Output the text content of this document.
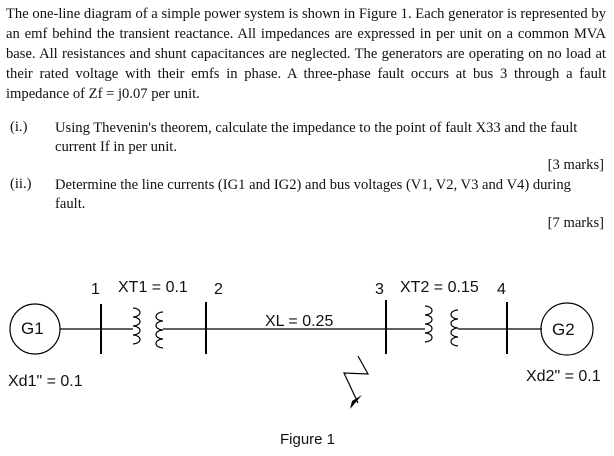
The one-line diagram of a simple power system is shown in Figure 1. Each generator is represented by an emf behind the transient reactance. All impedances are expressed in per unit on a common MVA base. All resistances and shunt capacitances are neglected. The generators are operating on no load at their rated voltage with their emfs in phase. A three-phase fault occurs at bus 3 through a fault impedance of Zf = j0.07 per unit.
(i.) Using Thevenin's theorem, calculate the impedance to the point of fault X33 and the fault current If in per unit.
[3 marks]
(ii.) Determine the line currents (IG1 and IG2) and bus voltages (V1, V2, V3 and V4) during fault.
[7 marks]
1	2	3	4
XT1 = 0.1	XT2 = 0.15
XL = 0.25
G1	G2
Xd1" = 0.1	Xd2" = 0.1
Figure 1
